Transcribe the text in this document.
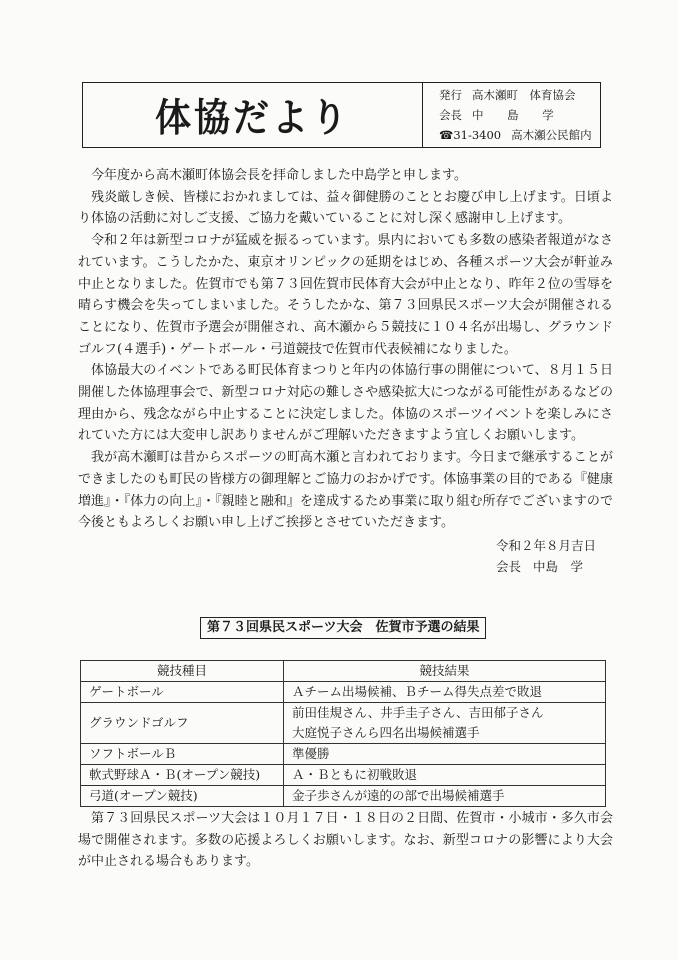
体協だより
発行 高木瀬町　体育協会
会長 中 島 学
☎31-3400 高木瀬公民館内

今年度から高木瀬町体協会長を拝命しました中島学と申します。

残炎厳しき候、皆様におかれましては、益々御健勝のこととお慶び申し上げます。日頃より体協の活動に対しご支援、ご協力を戴いていることに対し深く感謝申し上げます。

令和２年は新型コロナが猛威を振るっています。県内においても多数の感染者報道がなされています。こうしたかた、東京オリンピックの延期をはじめ、各種スポーツ大会が軒並み中止となりました。佐賀市でも第７３回佐賀市民体育大会が中止となり、昨年２位の雪辱を晴らす機会を失ってしまいました。そうしたかな、第７３回県民スポーツ大会が開催されることになり、佐賀市予選会が開催され、高木瀬から５競技に１０４名が出場し、グラウンドゴルフ(４選手)・ゲートボール・弓道競技で佐賀市代表候補になりました。

体協最大のイベントである町民体育まつりと年内の体協行事の開催について、８月１５日開催した体協理事会で、新型コロナ対応の難しさや感染拡大につながる可能性があるなどの理由から、残念ながら中止することに決定しました。体協のスポーツイベントを楽しみにされていた方には大変申し訳ありませんがご理解いただきますよう宜しくお願いします。

我が高木瀬町は昔からスポーツの町高木瀬と言われております。今日まで継承することができましたのも町民の皆様方の御理解とご協力のおかげです。体協事業の目的である『健康増進』・『体力の向上』・『親睦と融和』を達成するため事業に取り組む所存でございますので今後ともよろしくお願い申し上げご挨拶とさせていただきます。

令和２年８月吉日
会長 中島　学
第７３回県民スポーツ大会　佐賀市予選の結果
競技種目	競技結果
ゲートボール	Ａチーム出場候補、Ｂチーム得失点差で敗退
グラウンドゴルフ	前田佳規さん、井手圭子さん、吉田郁子さん
大庭悦子さんら四名出場候補選手

ソフトボールＢ	準優勝
軟式野球Ａ・Ｂ(オープン競技)	Ａ・Ｂともに初戦敗退
弓道(オープン競技)	金子歩さんが遠的の部で出場候補選手

第７３回県民スポーツ大会は１０月１７日・１８日の２日間、佐賀市・小城市・多久市会場で開催されます。多数の応援よろしくお願いします。なお、新型コロナの影響により大会が中止される場合もあります。
